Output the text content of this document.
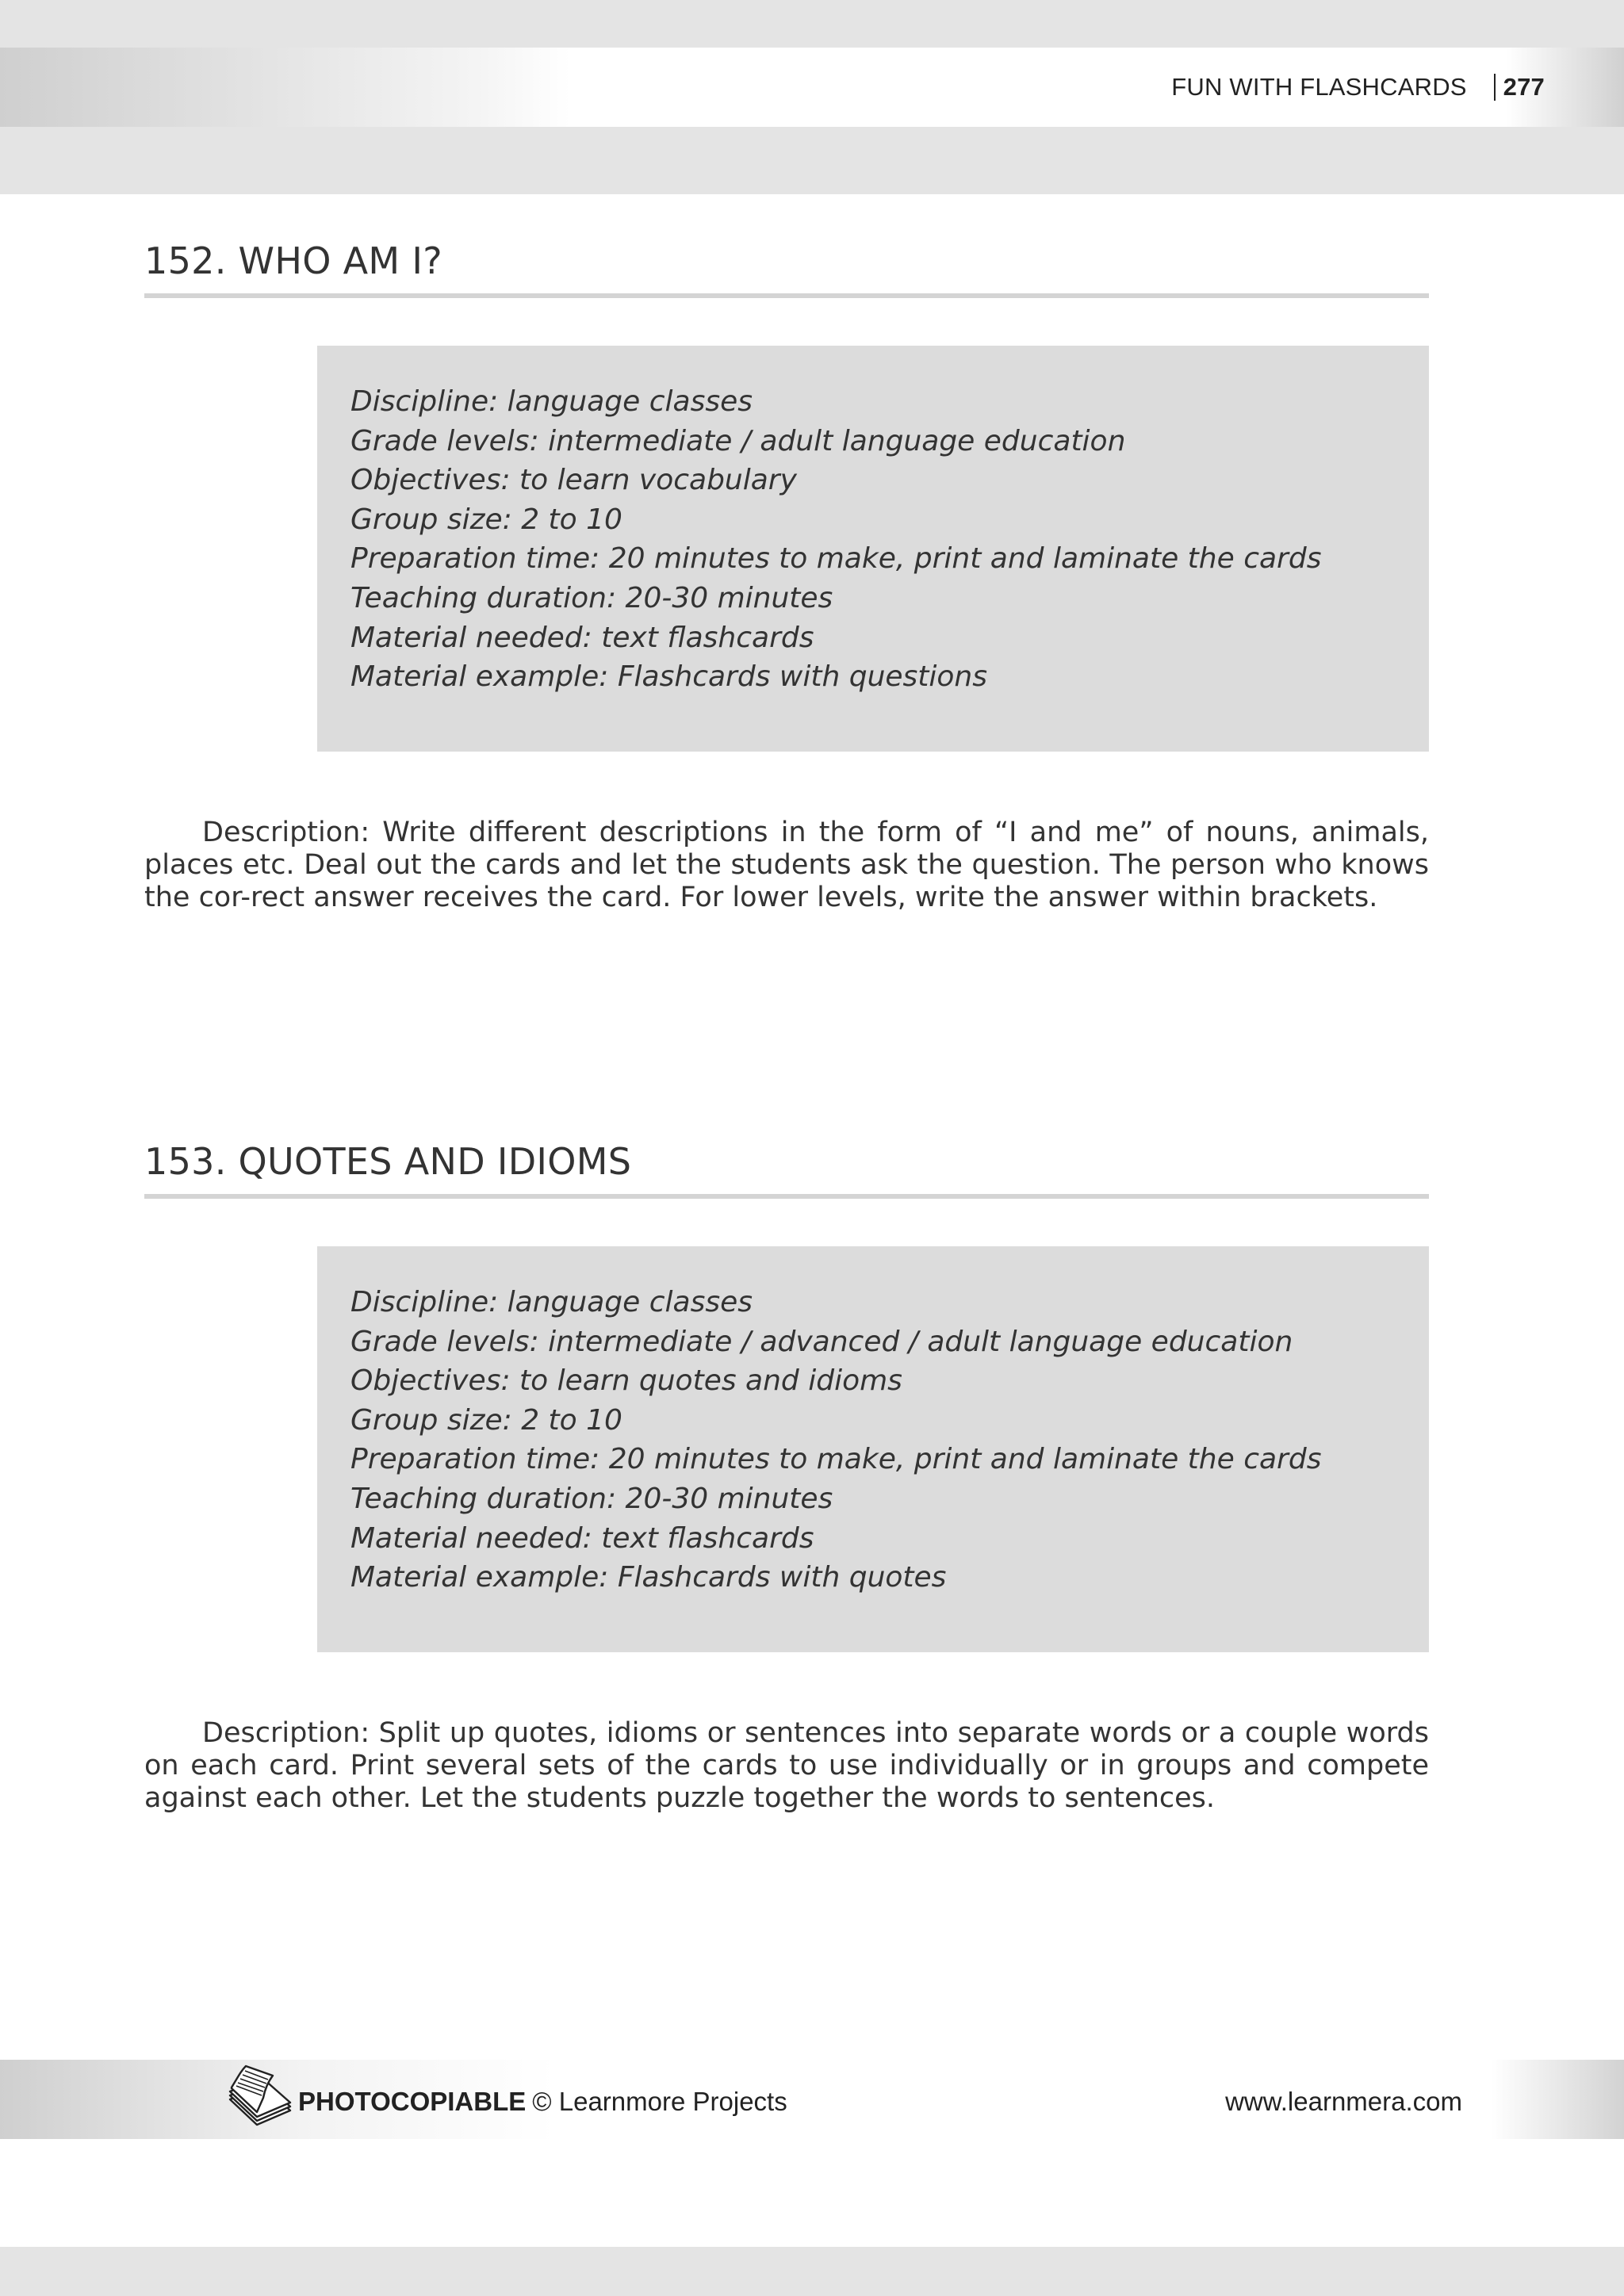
FUN WITH FLASHCARDS 277
152. WHO AM I?
Discipline: language classes
Grade levels: intermediate / adult language education
Objectives: to learn vocabulary
Group size: 2 to 10
Preparation time: 20 minutes to make, print and laminate the cards
Teaching duration: 20-30 minutes
Material needed: text flashcards
Material example: Flashcards with questions

Description: Write different descriptions in the form of “I and me” of nouns, animals, places etc. Deal out the cards and let the students ask the question. The person who knows the cor-rect answer receives the card. For lower levels, write the answer within brackets.

153. QUOTES AND IDIOMS
Discipline: language classes
Grade levels: intermediate / advanced / adult language education
Objectives: to learn quotes and idioms
Group size: 2 to 10
Preparation time: 20 minutes to make, print and laminate the cards
Teaching duration: 20-30 minutes
Material needed: text flashcards
Material example: Flashcards with quotes

Description: Split up quotes, idioms or sentences into separate words or a couple words on each card. Print several sets of the cards to use individually or in groups and compete against each other. Let the students puzzle together the words to sentences.

PHOTOCOPIABLE © Learnmore Projects	www.learnmera.com
